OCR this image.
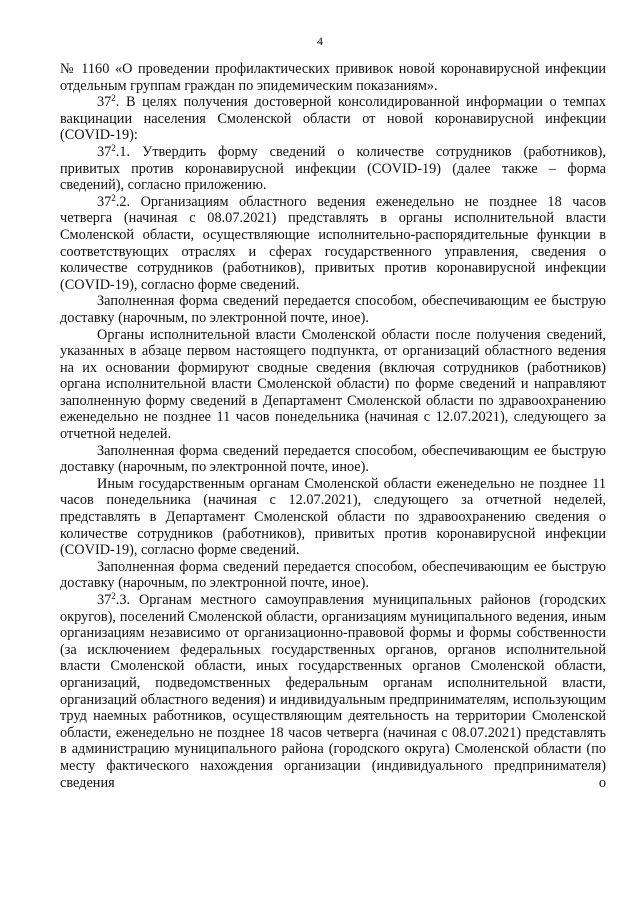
4

№ 1160 «О проведении профилактических прививок новой коронавирусной инфекции отдельным группам граждан по эпидемическим показаниям».

$37^2$. В целях получения достоверной консолидированной информации о темпах вакцинации населения Смоленской области от новой коронавирусной инфекции (COVID-19):

$37^2.1$. Утвердить форму сведений о количестве сотрудников (работников), привитых против коронавирусной инфекции (COVID-19) (далее также – форма сведений), согласно приложению.

$37^2.2$. Организациям областного ведения еженедельно не позднее 18 часов четверга (начиная с 08.07.2021) представлять в органы исполнительной власти Смоленской области, осуществляющие исполнительно-распорядительные функции в соответствующих отраслях и сферах государственного управления, сведения о количестве сотрудников (работников), привитых против коронавирусной инфекции (COVID-19), согласно форме сведений.

Заполненная форма сведений передается способом, обеспечивающим ее быструю доставку (нарочным, по электронной почте, иное).

Органы исполнительной власти Смоленской области после получения сведений, указанных в абзаце первом настоящего подпункта, от организаций областного ведения на их основании формируют сводные сведения (включая сотрудников (работников) органа исполнительной власти Смоленской области) по форме сведений и направляют заполненную форму сведений в Департамент Смоленской области по здравоохранению еженедельно не позднее 11 часов понедельника (начиная с 12.07.2021), следующего за отчетной неделей.

Заполненная форма сведений передается способом, обеспечивающим ее быструю доставку (нарочным, по электронной почте, иное).

Иным государственным органам Смоленской области еженедельно не позднее 11 часов понедельника (начиная с 12.07.2021), следующего за отчетной неделей, представлять в Департамент Смоленской области по здравоохранению сведения о количестве сотрудников (работников), привитых против коронавирусной инфекции (COVID-19), согласно форме сведений.

Заполненная форма сведений передается способом, обеспечивающим ее быструю доставку (нарочным, по электронной почте, иное).

$37^2.3$. Органам местного самоуправления муниципальных районов (городских округов), поселений Смоленской области, организациям муниципального ведения, иным организациям независимо от организационно-правовой формы и формы собственности (за исключением федеральных государственных органов, органов исполнительной власти Смоленской области, иных государственных органов Смоленской области, организаций, подведомственных федеральным органам исполнительной власти, организаций областного ведения) и индивидуальным предпринимателям, использующим труд наемных работников, осуществляющим деятельность на территории Смоленской области, еженедельно не позднее 18 часов четверга (начиная с 08.07.2021) представлять в администрацию муниципального района (городского округа) Смоленской области (по месту фактического нахождения организации (индивидуального предпринимателя) сведения о
